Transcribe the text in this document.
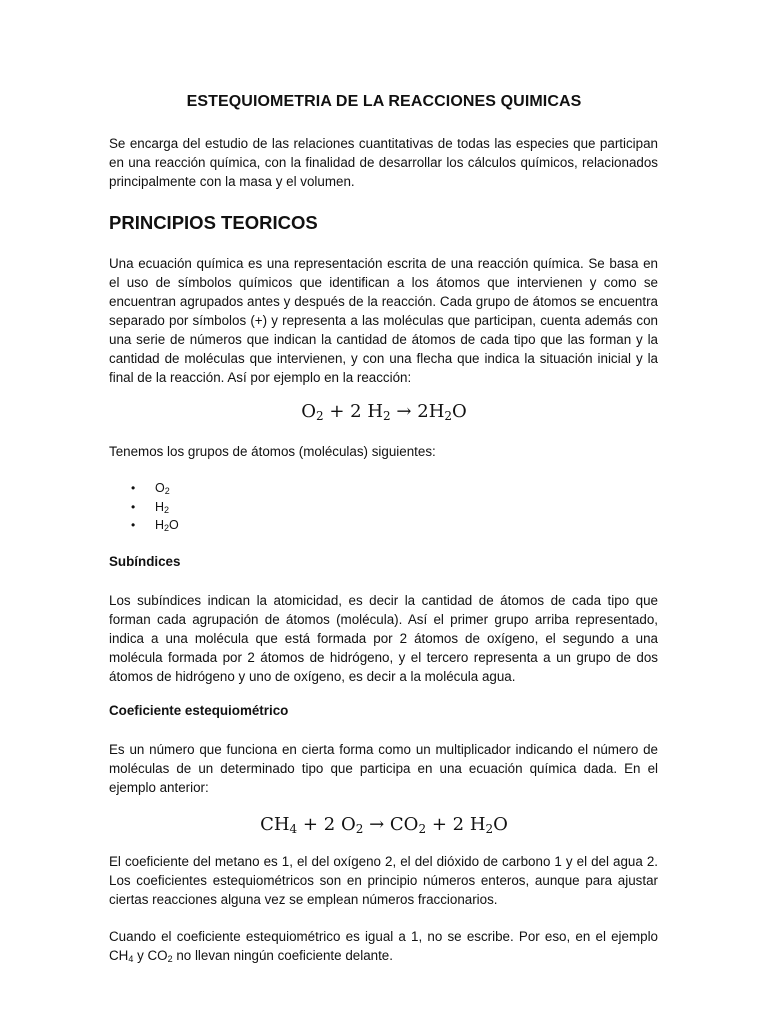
ESTEQUIOMETRIA DE LA REACCIONES QUIMICAS

Se encarga del estudio de las relaciones cuantitativas de todas las especies que participan en una reacción química, con la finalidad de desarrollar los cálculos químicos, relacionados principalmente con la masa y el volumen.

PRINCIPIOS TEORICOS

Una ecuación química es una representación escrita de una reacción química. Se basa en el uso de símbolos químicos que identifican a los átomos que intervienen y como se encuentran agrupados antes y después de la reacción. Cada grupo de átomos se encuentra separado por símbolos (+) y representa a las moléculas que participan, cuenta además con una serie de números que indican la cantidad de átomos de cada tipo que las forman y la cantidad de moléculas que intervienen, y con una flecha que indica la situación inicial y la final de la reacción. Así por ejemplo en la reacción:

$O_2 + 2$ $H_2 \to 2H_2O$

Tenemos los grupos de átomos (moléculas) siguientes:

• $O_2$
• $H_2$
• $H_2O$
Subíndices

Los subíndices indican la atomicidad, es decir la cantidad de átomos de cada tipo que forman cada agrupación de átomos (molécula). Así el primer grupo arriba representado, indica a una molécula que está formada por 2 átomos de oxígeno, el segundo a una molécula formada por 2 átomos de hidrógeno, y el tercero representa a un grupo de dos átomos de hidrógeno y uno de oxígeno, es decir a la molécula agua.

Coeficiente estequiométrico

Es un número que funciona en cierta forma como un multiplicador indicando el número de moléculas de un determinado tipo que participa en una ecuación química dada. En el ejemplo anterior:

$CH_4 + 2$ $O_2 \to CO_2 + 2$ $H_2O$

El coeficiente del metano es 1, el del oxígeno 2, el del dióxido de carbono 1 y el del agua 2. Los coeficientes estequiométricos son en principio números enteros, aunque para ajustar ciertas reacciones alguna vez se emplean números fraccionarios.

Cuando el coeficiente estequiométrico es igual a 1, no se escribe. Por eso, en el ejemplo $CH_4$ y $CO_2$ no llevan ningún coeficiente delante.
